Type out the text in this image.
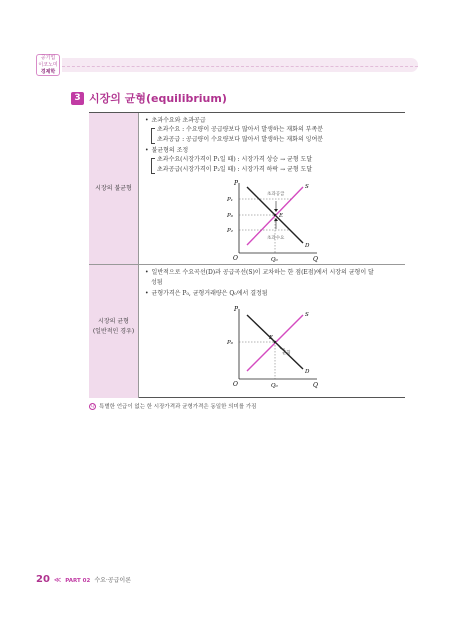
공기업
이코노미
경제학
3 시장의 균형(equilibrium)
시장의 불균형
시장의 균형
(일반적인 경우)
• 초과수요와 초과공급
초과수요 : 수요량이 공급량보다 많아서 발생하는 재화의 부족분
초과공급 : 공급량이 수요량보다 많아서 발생하는 재화의 잉여분
• 불균형의 조정
초과수요(시장가격이 P₁일 때) : 시장가격 상승 → 균형 도달
초과공급(시장가격이 P₂일 때) : 시장가격 하락 → 균형 도달
P
Q
O
P₁
P₀
P₂
Q₀
S
D
E
초과공급
초과수요
• 일반적으로 수요곡선(D)과 공급곡선(S)이 교차하는 한 점(E점)에서 시장의 균형이 달
성됨
• 균형가격은 P₀, 균형거래량은 Q₀에서 결정됨
P
Q
O
P₀
Q₀
S
D
E
균형
Q 특별한 언급이 없는 한 시장가격과 균형가격은 동일한 의미를 가짐
20 ≪ PART 02 수요·공급이론
